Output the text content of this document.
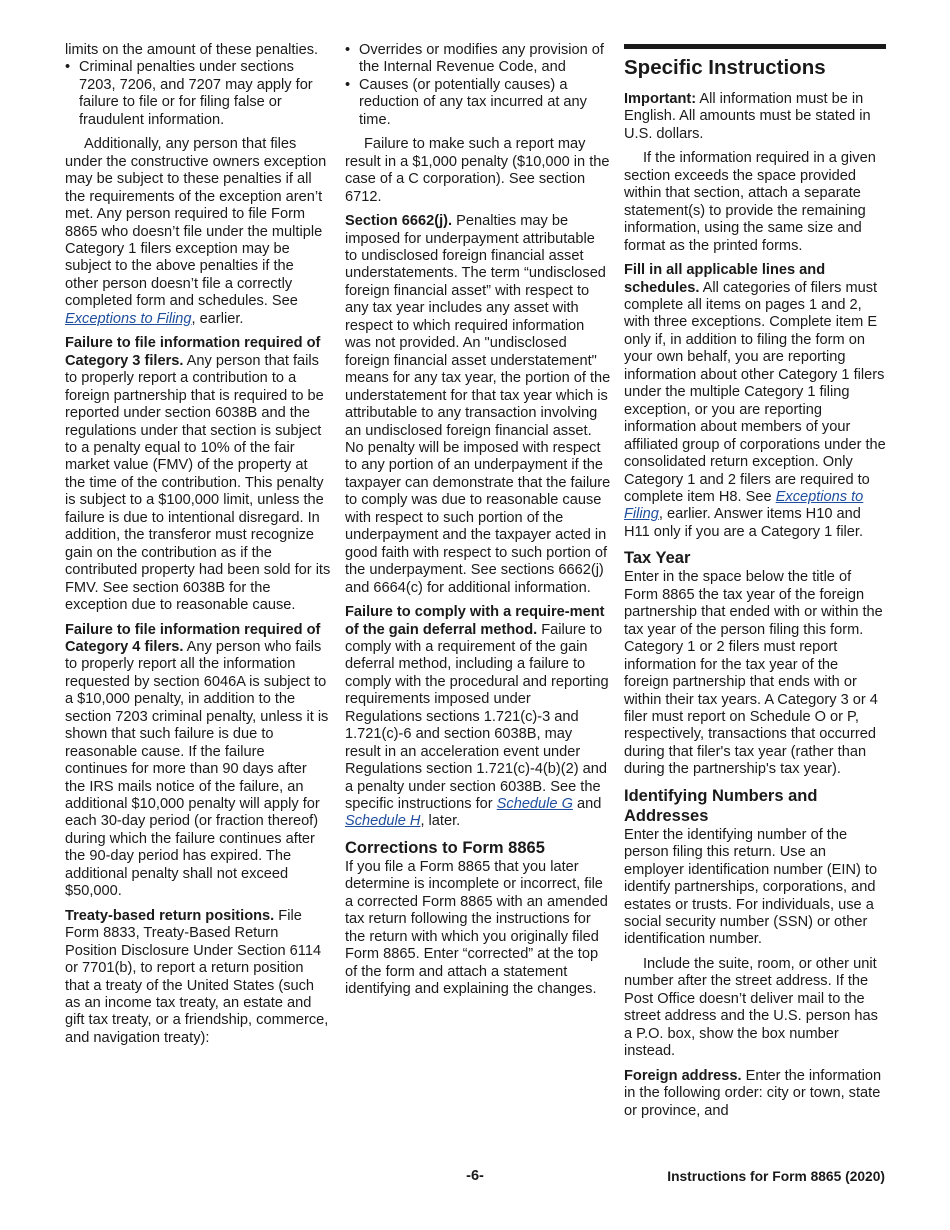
limits on the amount of these penalties.

• Criminal penalties under sections 7203, 7206, and 7207 may apply for failure to file or for filing false or fraudulent information.

Additionally, any person that files under the constructive owners exception may be subject to these penalties if all the requirements of the exception aren’t met. Any person required to file Form 8865 who doesn’t file under the multiple Category 1 filers exception may be subject to the above penalties if the other person doesn’t file a correctly completed form and schedules. See Exceptions to Filing, earlier.

Failure to file information required of Category 3 filers. Any person that fails to properly report a contribution to a foreign partnership that is required to be reported under section 6038B and the regulations under that section is subject to a penalty equal to 10% of the fair market value (FMV) of the property at the time of the contribution. This penalty is subject to a $100,000 limit, unless the failure is due to intentional disregard. In addition, the transferor must recognize gain on the contribution as if the contributed property had been sold for its FMV. See section 6038B for the exception due to reasonable cause.

Failure to file information required of Category 4 filers. Any person who fails to properly report all the information requested by section 6046A is subject to a $10,000 penalty, in addition to the section 7203 criminal penalty, unless it is shown that such failure is due to reasonable cause. If the failure continues for more than 90 days after the IRS mails notice of the failure, an additional $10,000 penalty will apply for each 30-day period (or fraction thereof) during which the failure continues after the 90-day period has expired. The additional penalty shall not exceed $50,000.

Treaty-based return positions. File Form 8833, Treaty-Based Return Position Disclosure Under Section 6114 or 7701(b), to report a return position that a treaty of the United States (such as an income tax treaty, an estate and gift tax treaty, or a friendship, commerce, and navigation treaty):

• Overrides or modifies any provision of the Internal Revenue Code, and
• Causes (or potentially causes) a reduction of any tax incurred at any time.

Failure to make such a report may result in a $1,000 penalty ($10,000 in the case of a C corporation). See section 6712.

Section 6662(j). Penalties may be imposed for underpayment attributable to undisclosed foreign financial asset understatements. The term “undisclosed foreign financial asset” with respect to any tax year includes any asset with respect to which required information was not provided. An "undisclosed foreign financial asset understatement" means for any tax year, the portion of the understatement for that tax year which is attributable to any transaction involving an undisclosed foreign financial asset. No penalty will be imposed with respect to any portion of an underpayment if the taxpayer can demonstrate that the failure to comply was due to reasonable cause with respect to such portion of the underpayment and the taxpayer acted in good faith with respect to such portion of the underpayment. See sections 6662(j) and 6664(c) for additional information.

Failure to comply with a require-ment of the gain deferral method. Failure to comply with a requirement of the gain deferral method, including a failure to comply with the procedural and reporting requirements imposed under Regulations sections 1.721(c)-3 and 1.721(c)-6 and section 6038B, may result in an acceleration event under Regulations section 1.721(c)-4(b)(2) and a penalty under section 6038B. See the specific instructions for Schedule G and Schedule H, later.

Corrections to Form 8865

If you file a Form 8865 that you later determine is incomplete or incorrect, file a corrected Form 8865 with an amended tax return following the instructions for the return with which you originally filed Form 8865. Enter “corrected” at the top of the form and attach a statement identifying and explaining the changes.

Specific Instructions

Important: All information must be in English. All amounts must be stated in U.S. dollars.

If the information required in a given section exceeds the space provided within that section, attach a separate statement(s) to provide the remaining information, using the same size and format as the printed forms.

Fill in all applicable lines and schedules. All categories of filers must complete all items on pages 1 and 2, with three exceptions. Complete item E only if, in addition to filing the form on your own behalf, you are reporting information about other Category 1 filers under the multiple Category 1 filing exception, or you are reporting information about members of your affiliated group of corporations under the consolidated return exception. Only Category 1 and 2 filers are required to complete item H8. See Exceptions to Filing, earlier. Answer items H10 and H11 only if you are a Category 1 filer.

Tax Year

Enter in the space below the title of Form 8865 the tax year of the foreign partnership that ended with or within the tax year of the person filing this form. Category 1 or 2 filers must report information for the tax year of the foreign partnership that ends with or within their tax years. A Category 3 or 4 filer must report on Schedule O or P, respectively, transactions that occurred during that filer's tax year (rather than during the partnership's tax year).

Identifying Numbers and Addresses

Enter the identifying number of the person filing this return. Use an employer identification number (EIN) to identify partnerships, corporations, and estates or trusts. For individuals, use a social security number (SSN) or other identification number.

Include the suite, room, or other unit number after the street address. If the Post Office doesn’t deliver mail to the street address and the U.S. person has a P.O. box, show the box number instead.

Foreign address. Enter the information in the following order: city or town, state or province, and

-6-	Instructions for Form 8865 (2020)
